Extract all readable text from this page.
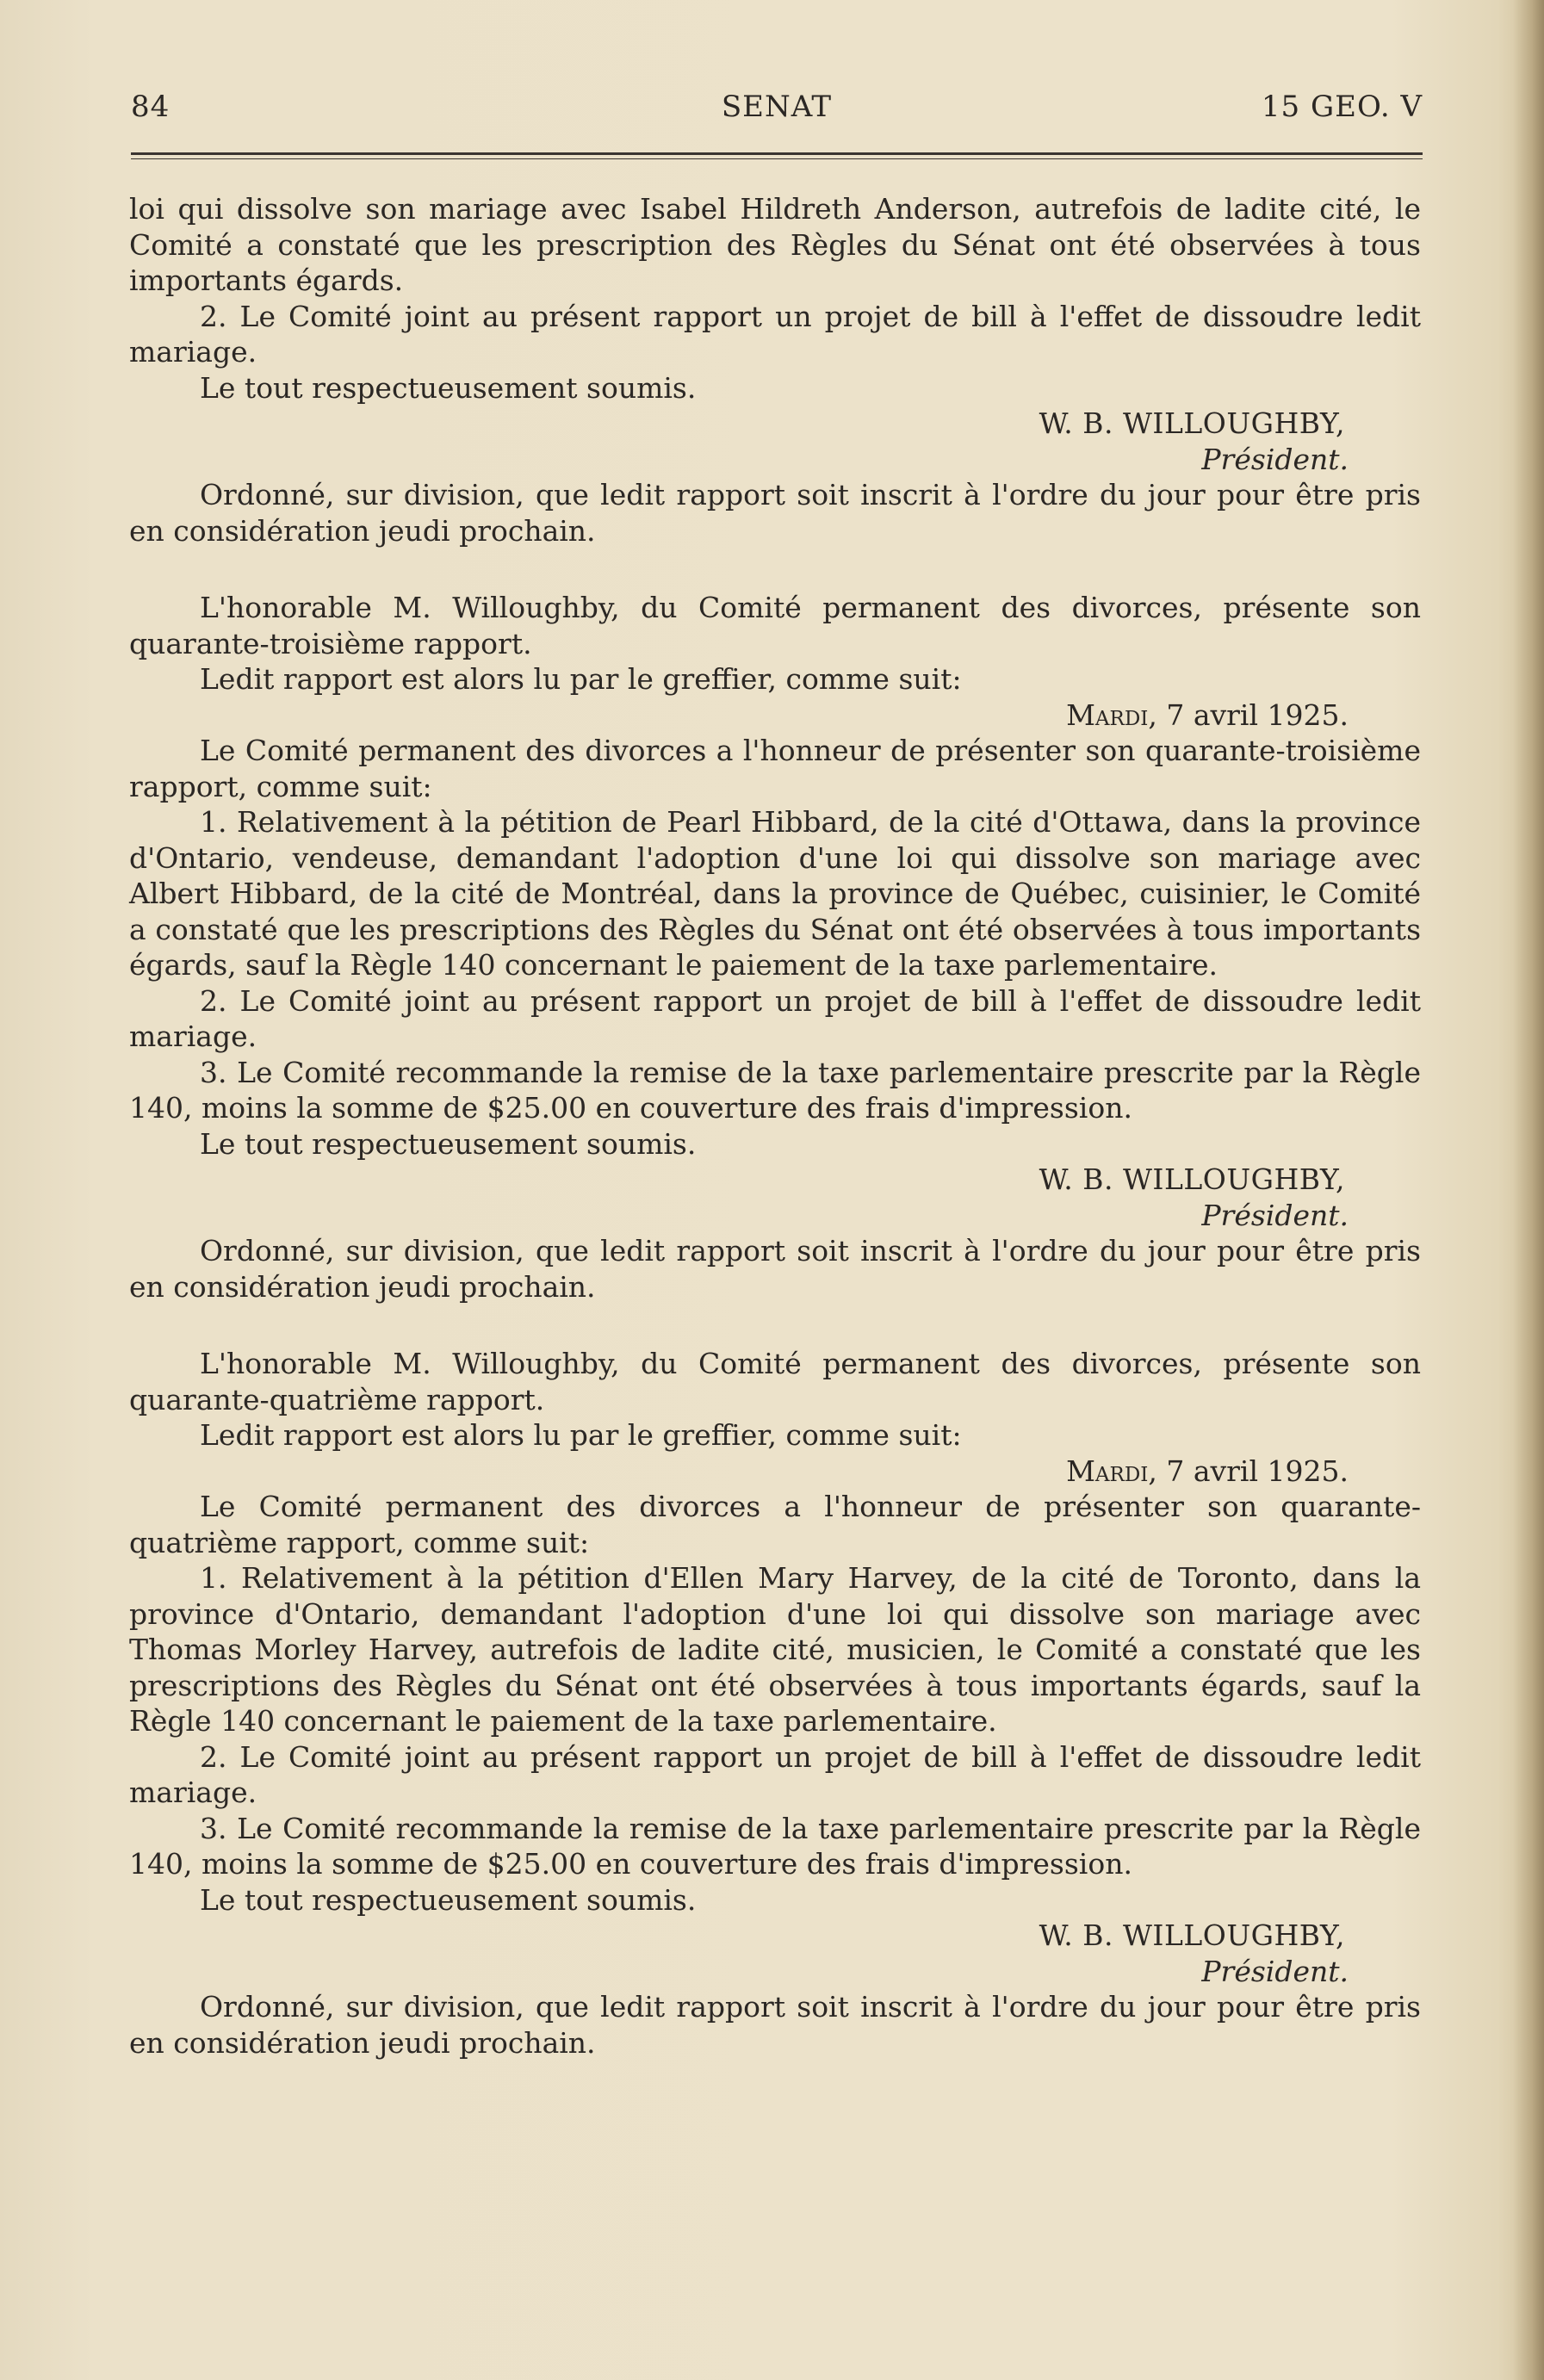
84	SENAT	15 GEO. V

loi qui dissolve son mariage avec Isabel Hildreth Anderson, autrefois de ladite cité, le Comité a constaté que les prescription des Règles du Sénat ont été observées à tous importants égards.

2. Le Comité joint au présent rapport un projet de bill à l'effet de dissoudre ledit mariage.

Le tout respectueusement soumis.

W. B. WILLOUGHBY,

Président.

Ordonné, sur division, que ledit rapport soit inscrit à l'ordre du jour pour être pris en considération jeudi prochain.

L'honorable M. Willoughby, du Comité permanent des divorces, présente son quarante-troisième rapport.

Ledit rapport est alors lu par le greffier, comme suit:

Mardi, 7 avril 1925.

Le Comité permanent des divorces a l'honneur de présenter son quarante-troisième rapport, comme suit:

1. Relativement à la pétition de Pearl Hibbard, de la cité d'Ottawa, dans la province d'Ontario, vendeuse, demandant l'adoption d'une loi qui dissolve son mariage avec Albert Hibbard, de la cité de Montréal, dans la province de Québec, cuisinier, le Comité a constaté que les prescriptions des Règles du Sénat ont été observées à tous importants égards, sauf la Règle 140 concernant le paiement de la taxe parlementaire.

2. Le Comité joint au présent rapport un projet de bill à l'effet de dissoudre ledit mariage.

3. Le Comité recommande la remise de la taxe parlementaire prescrite par la Règle 140, moins la somme de $25.00 en couverture des frais d'impression.

Le tout respectueusement soumis.

W. B. WILLOUGHBY,

Président.

Ordonné, sur division, que ledit rapport soit inscrit à l'ordre du jour pour être pris en considération jeudi prochain.

L'honorable M. Willoughby, du Comité permanent des divorces, présente son quarante-quatrième rapport.

Ledit rapport est alors lu par le greffier, comme suit:

Mardi, 7 avril 1925.

Le Comité permanent des divorces a l'honneur de présenter son quarante-quatrième rapport, comme suit:

1. Relativement à la pétition d'Ellen Mary Harvey, de la cité de Toronto, dans la province d'Ontario, demandant l'adoption d'une loi qui dissolve son mariage avec Thomas Morley Harvey, autrefois de ladite cité, musicien, le Comité a constaté que les prescriptions des Règles du Sénat ont été observées à tous importants égards, sauf la Règle 140 concernant le paiement de la taxe parlementaire.

2. Le Comité joint au présent rapport un projet de bill à l'effet de dissoudre ledit mariage.

3. Le Comité recommande la remise de la taxe parlementaire prescrite par la Règle 140, moins la somme de $25.00 en couverture des frais d'impression.

Le tout respectueusement soumis.

W. B. WILLOUGHBY,

Président.

Ordonné, sur division, que ledit rapport soit inscrit à l'ordre du jour pour être pris en considération jeudi prochain.
